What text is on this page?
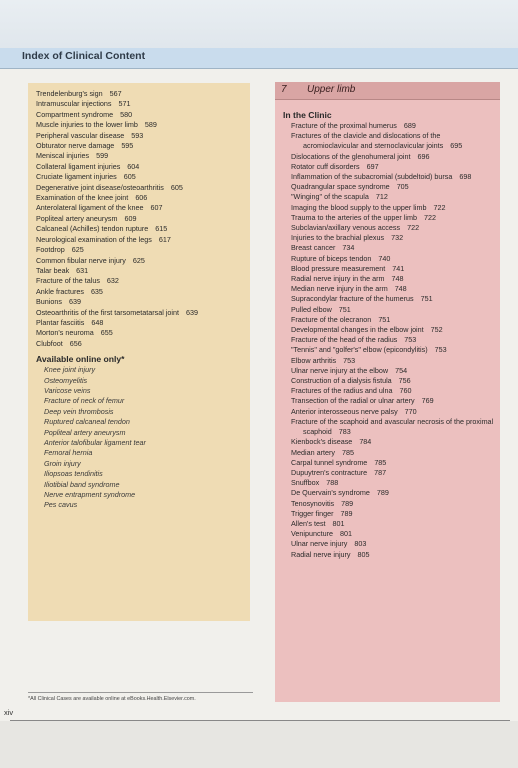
Index of Clinical Content
Trendelenburg's sign 567
Intramuscular injections 571
Compartment syndrome 580
Muscle injuries to the lower limb 589
Peripheral vascular disease 593
Obturator nerve damage 595
Meniscal injuries 599
Collateral ligament injuries 604
Cruciate ligament injuries 605
Degenerative joint disease/osteoarthritis 605
Examination of the knee joint 606
Anterolateral ligament of the knee 607
Popliteal artery aneurysm 609
Calcaneal (Achilles) tendon rupture 615
Neurological examination of the legs 617
Footdrop 625
Common fibular nerve injury 625
Talar beak 631
Fracture of the talus 632
Ankle fractures 635
Bunions 639
Osteoarthritis of the first tarsometatarsal joint 639
Plantar fasciitis 648
Morton's neuroma 655
Clubfoot 656
Available online only*
Knee joint injury
Osteomyelitis
Varicose veins
Fracture of neck of femur
Deep vein thrombosis
Ruptured calcaneal tendon
Popliteal artery aneurysm
Anterior talofibular ligament tear
Femoral hernia
Groin injury
Iliopsoas tendinitis
Iliotibial band syndrome
Nerve entrapment syndrome
Pes cavus
7 Upper limb
In the Clinic
Fracture of the proximal humerus 689
Fractures of the clavicle and dislocations of the acromioclavicular and sternoclavicular joints 695
Dislocations of the glenohumeral joint 696
Rotator cuff disorders 697
Inflammation of the subacromial (subdeltoid) bursa 698
Quadrangular space syndrome 705
"Winging" of the scapula 712
Imaging the blood supply to the upper limb 722
Trauma to the arteries of the upper limb 722
Subclavian/axillary venous access 722
Injuries to the brachial plexus 732
Breast cancer 734
Rupture of biceps tendon 740
Blood pressure measurement 741
Radial nerve injury in the arm 748
Median nerve injury in the arm 748
Supracondylar fracture of the humerus 751
Pulled elbow 751
Fracture of the olecranon 751
Developmental changes in the elbow joint 752
Fracture of the head of the radius 753
"Tennis" and "golfer's" elbow (epicondylitis) 753
Elbow arthritis 753
Ulnar nerve injury at the elbow 754
Construction of a dialysis fistula 756
Fractures of the radius and ulna 760
Transection of the radial or ulnar artery 769
Anterior interosseous nerve palsy 770
Fracture of the scaphoid and avascular necrosis of the proximal scaphoid 783
Kienbock's disease 784
Median artery 785
Carpal tunnel syndrome 785
Dupuytren's contracture 787
Snuffbox 788
De Quervain's syndrome 789
Tenosynovitis 789
Trigger finger 789
Allen's test 801
Venipuncture 801
Ulnar nerve injury 803
Radial nerve injury 805
*All Clinical Cases are available online at eBooks.Health.Elsevier.com.
xiv
